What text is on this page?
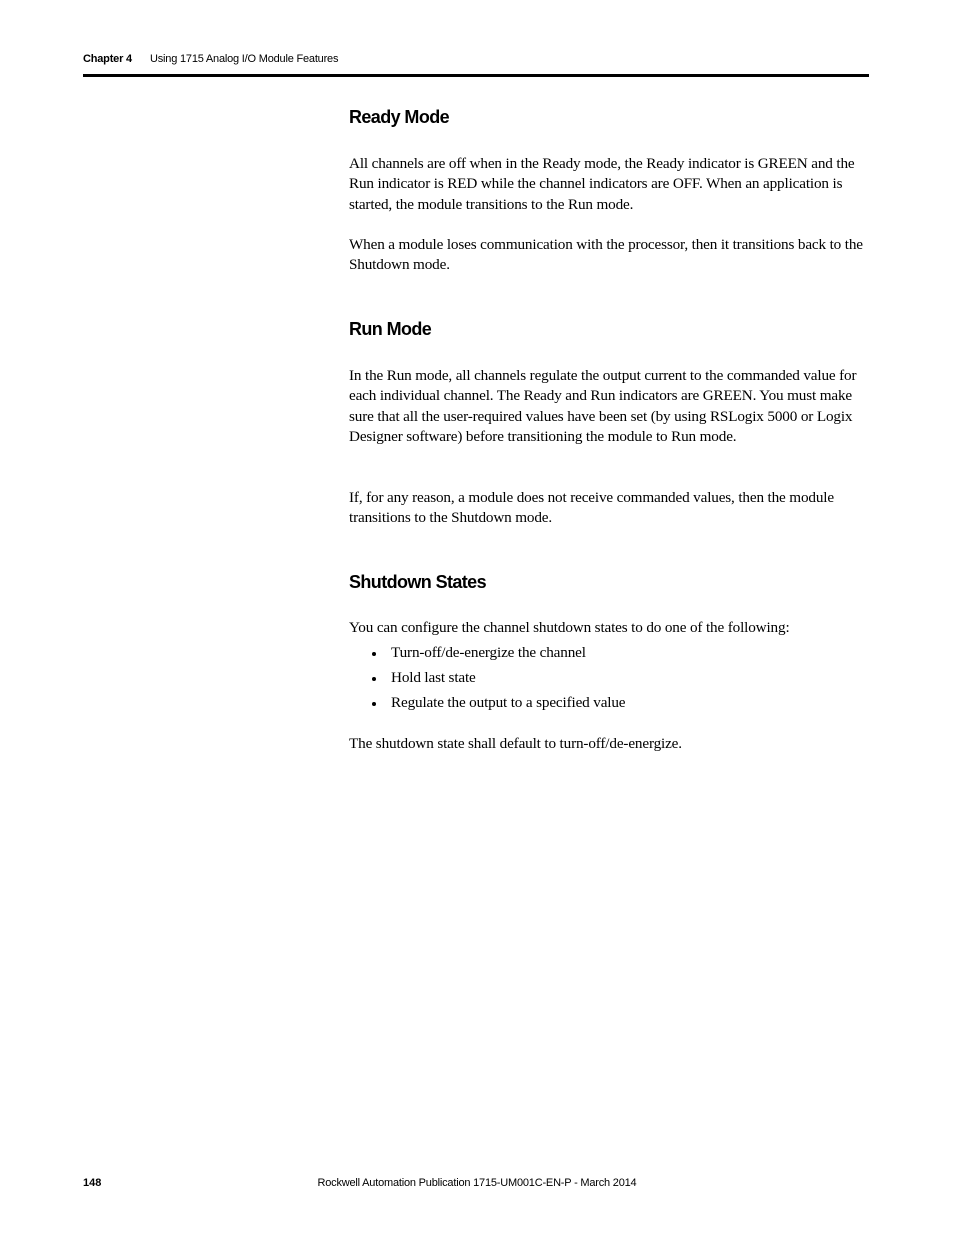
Chapter 4 Using 1715 Analog I/O Module Features
Ready Mode

All channels are off when in the Ready mode, the Ready indicator is GREEN and the Run indicator is RED while the channel indicators are OFF. When an application is started, the module transitions to the Run mode.

When a module loses communication with the processor, then it transitions back to the Shutdown mode.

Run Mode

In the Run mode, all channels regulate the output current to the commanded value for each individual channel. The Ready and Run indicators are GREEN. You must make sure that all the user-required values have been set (by using RSLogix 5000 or Logix Designer software) before transitioning the module to Run mode.

If, for any reason, a module does not receive commanded values, then the module transitions to the Shutdown mode.

Shutdown States

You can configure the channel shutdown states to do one of the following:

Turn-off/de-energize the channel
Hold last state
Regulate the output to a specified value

The shutdown state shall default to turn-off/de-energize.

148	Rockwell Automation Publication 1715-UM001C-EN-P - March 2014
